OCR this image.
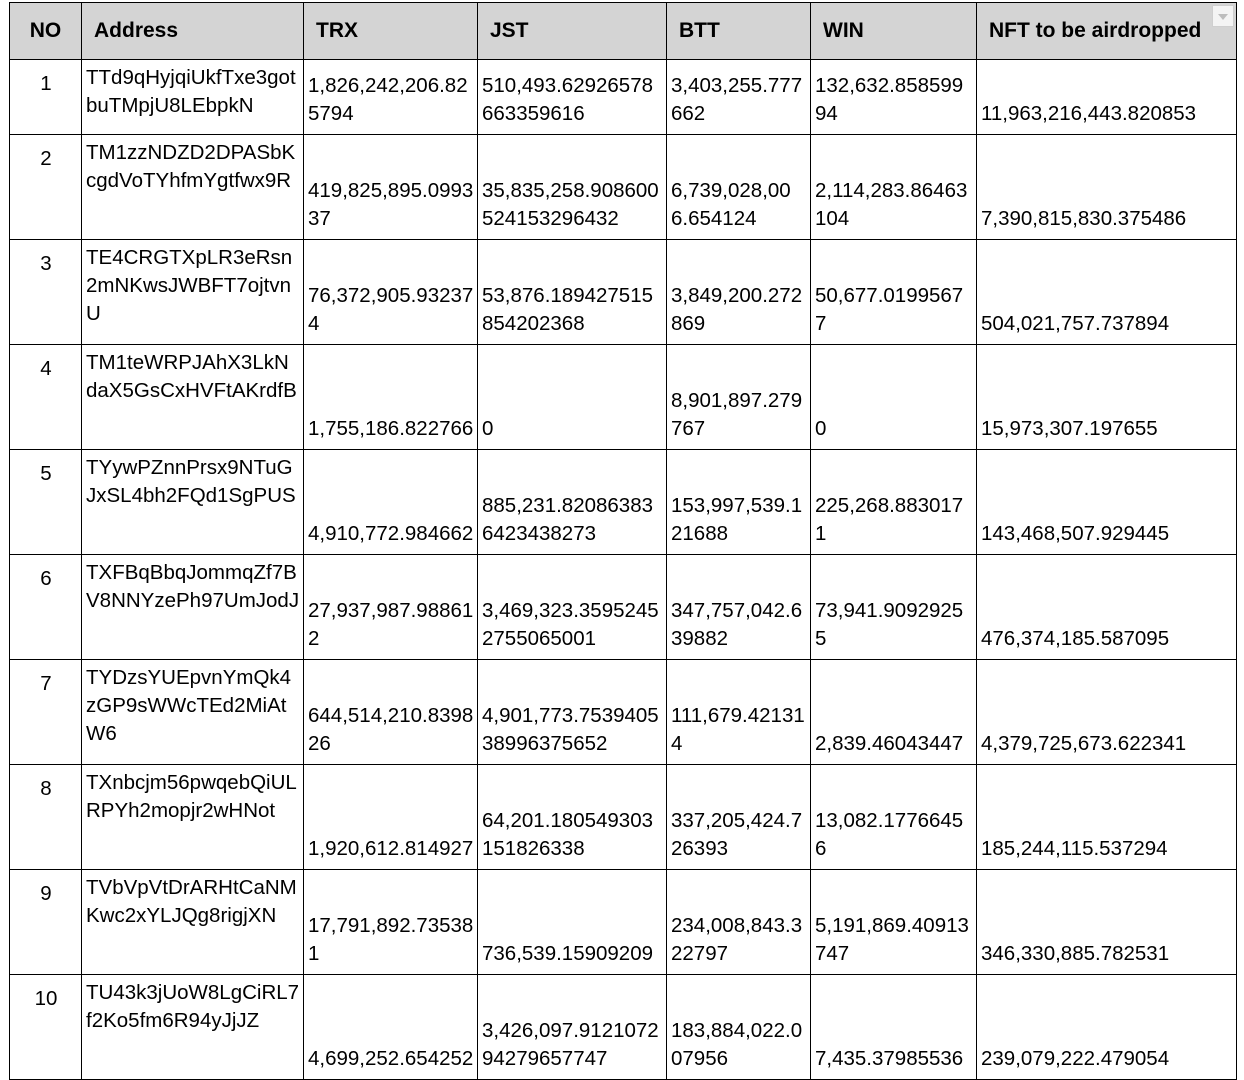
NO	Address	TRX	JST	BTT	WIN	NFT to be airdropped

1	TTd9qHyjqiUkfTxe3gotbuTMpjU8LEbpkN	1,826,242,206.825794	510,493.62926578663359616	3,403,255.777662	132,632.85859994	11,963,216,443.820853
2	TM1zzNDZD2DPASbKcgdVoTYhfmYgtfwx9R	419,825,895.099337	35,835,258.908600524153296432	6,739,028,006.654124	2,114,283.86463104	7,390,815,830.375486
3	TE4CRGTXpLR3eRsn2mNKwsJWBFT7ojtvnU	76,372,905.932374	53,876.189427515854202368	3,849,200.272869	50,677.01995677	504,021,757.737894
4	TM1teWRPJAhX3LkNdaX5GsCxHVFtAKrdfB	1,755,186.822766	0	8,901,897.279767	0	15,973,307.197655
5	TYywPZnnPrsx9NTuGJxSL4bh2FQd1SgPUS	4,910,772.984662	885,231.820863836423438273	153,997,539.121688	225,268.8830171	143,468,507.929445
6	TXFBqBbqJommqZf7BV8NNYzePh97UmJodJ	27,937,987.988612	3,469,323.35952452755065001	347,757,042.639882	73,941.90929255	476,374,185.587095
7	TYDzsYUEpvnYmQk4zGP9sWWcTEd2MiAtW6	644,514,210.839826	4,901,773.753940538996375652	111,679.421314	2,839.46043447	4,379,725,673.622341
8	TXnbcjm56pwqebQiULRPYh2mopjr2wHNot	1,920,612.814927	64,201.180549303151826338	337,205,424.726393	13,082.17766456	185,244,115.537294
9	TVbVpVtDrARHtCaNMKwc2xYLJQg8rigjXN	17,791,892.735381	736,539.15909209	234,008,843.322797	5,191,869.40913747	346,330,885.782531
10	TU43k3jUoW8LgCiRL7f2Ko5fm6R94yJjJZ	4,699,252.654252	3,426,097.912107294279657747	183,884,022.007956	7,435.37985536	239,079,222.479054
